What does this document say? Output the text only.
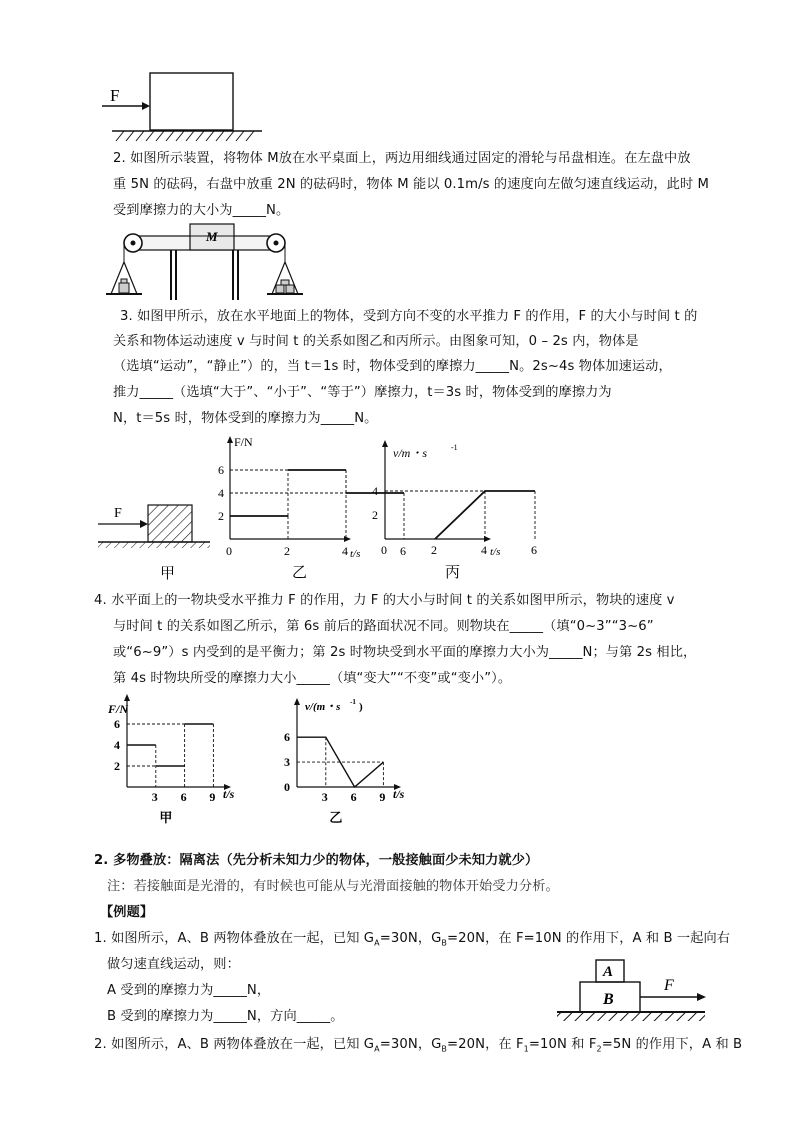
F
2. 如图所示装置，将物体 M放在水平桌面上，两边用细线通过固定的滑轮与吊盘相连。在左盘中放
重 5N 的砝码，右盘中放重 2N 的砝码时，物体 M 能以 0.1m/s 的速度向左做匀速直线运动，此时 M
受到摩擦力的大小为_____N。
M
3. 如图甲所示，放在水平地面上的物体，受到方向不变的水平推力 F 的作用，F 的大小与时间 t 的
关系和物体运动速度 v 与时间 t 的关系如图乙和丙所示。由图象可知，0 – 2s 内，物体是
（选填“运动”，“静止”）的，当 t＝1s 时，物体受到的摩擦力_____N。2s~4s 物体加速运动，
推力_____（选填“大于”、“小于”、“等于”）摩擦力，t＝3s 时，物体受到的摩擦力为
N，t＝5s 时，物体受到的摩擦力为_____N。
F
甲
F/N
t/s
2
4
6
0	2	4	6
乙
v/m・s	-1
t/s
2
4
0	2	4	6
丙
4. 水平面上的一物块受水平推力 F 的作用，力 F 的大小与时间 t 的关系如图甲所示，物块的速度 v
与时间 t 的关系如图乙所示，第 6s 前后的路面状况不同。则物块在_____（填“0~3”“3~6”
或“6~9”）s 内受到的是平衡力；第 2s 时物块受到水平面的摩擦力大小为_____N；与第 2s 相比，
第 4s 时物块所受的摩擦力大小_____（填“变大”“不变”或“变小”）。
F/N
t/s
2
4
6
3 6 9
甲
v/(m・s -1 )
t/s
0
3
6
3 6 9
乙
2. 多物叠放：隔离法（先分析未知力少的物体，一般接触面少未知力就少）
注：若接触面是光滑的，有时候也可能从与光滑面接触的物体开始受力分析。
【例题】
1. 如图所示，A、B 两物体叠放在一起，已知 $G_A=30N$，$G_B=20N$，在 F=10N 的作用下，A 和 B 一起向右
做匀速直线运动，则：
A 受到的摩擦力为_____N，
B 受到的摩擦力为_____N，方向_____。
A
B
F
2. 如图所示，A、B 两物体叠放在一起，已知 $G_A=30N$，$G_B=20N$，在 $F_1=10N$ 和 $F_2=5N$ 的作用下，A 和 B
